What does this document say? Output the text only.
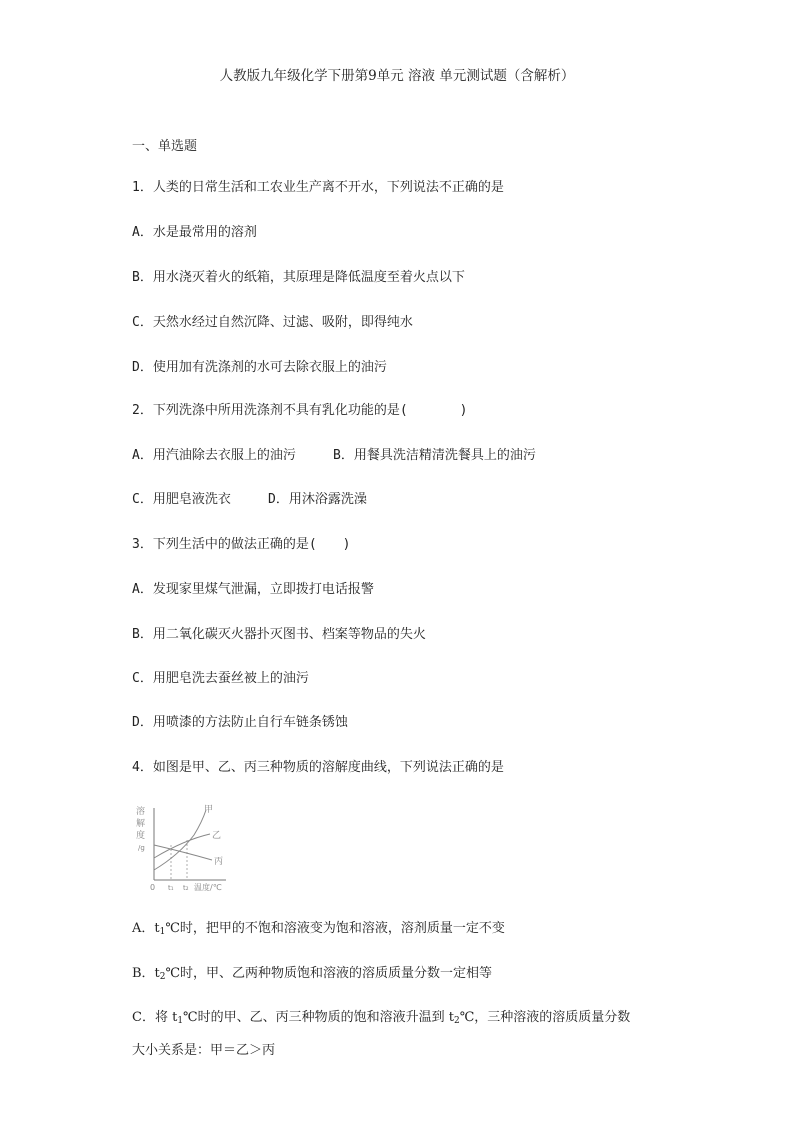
人教版九年级化学下册第9单元 溶液 单元测试题（含解析）
一、单选题
1．人类的日常生活和工农业生产离不开水，下列说法不正确的是
A．水是最常用的溶剂
B．用水浇灭着火的纸箱，其原理是降低温度至着火点以下
C．天然水经过自然沉降、过滤、吸附，即得纯水
D．使用加有洗涤剂的水可去除衣服上的油污
2．下列洗涤中所用洗涤剂不具有乳化功能的是(　　　　)
A．用汽油除去衣服上的油污	B．用餐具洗洁精清洗餐具上的油污
C．用肥皂液洗衣	D．用沐浴露洗澡
3．下列生活中的做法正确的是(　　)
A．发现家里煤气泄漏，立即拨打电话报警
B．用二氧化碳灭火器扑灭图书、档案等物品的失火
C．用肥皂洗去蚕丝被上的油污
D．用喷漆的方法防止自行车链条锈蚀
4．如图是甲、乙、丙三种物质的溶解度曲线，下列说法正确的是
溶
解
度
/g
甲
乙
丙
0 t₁ t₂ 温度/℃
A．$t_1℃$时，把甲的不饱和溶液变为饱和溶液，溶剂质量一定不变
B．$t_2℃$时，甲、乙两种物质饱和溶液的溶质质量分数一定相等
C．将 $t_1℃$时的甲、乙、丙三种物质的饱和溶液升温到 $t_2℃$，三种溶液的溶质质量分数
大小关系是：甲＝乙＞丙
